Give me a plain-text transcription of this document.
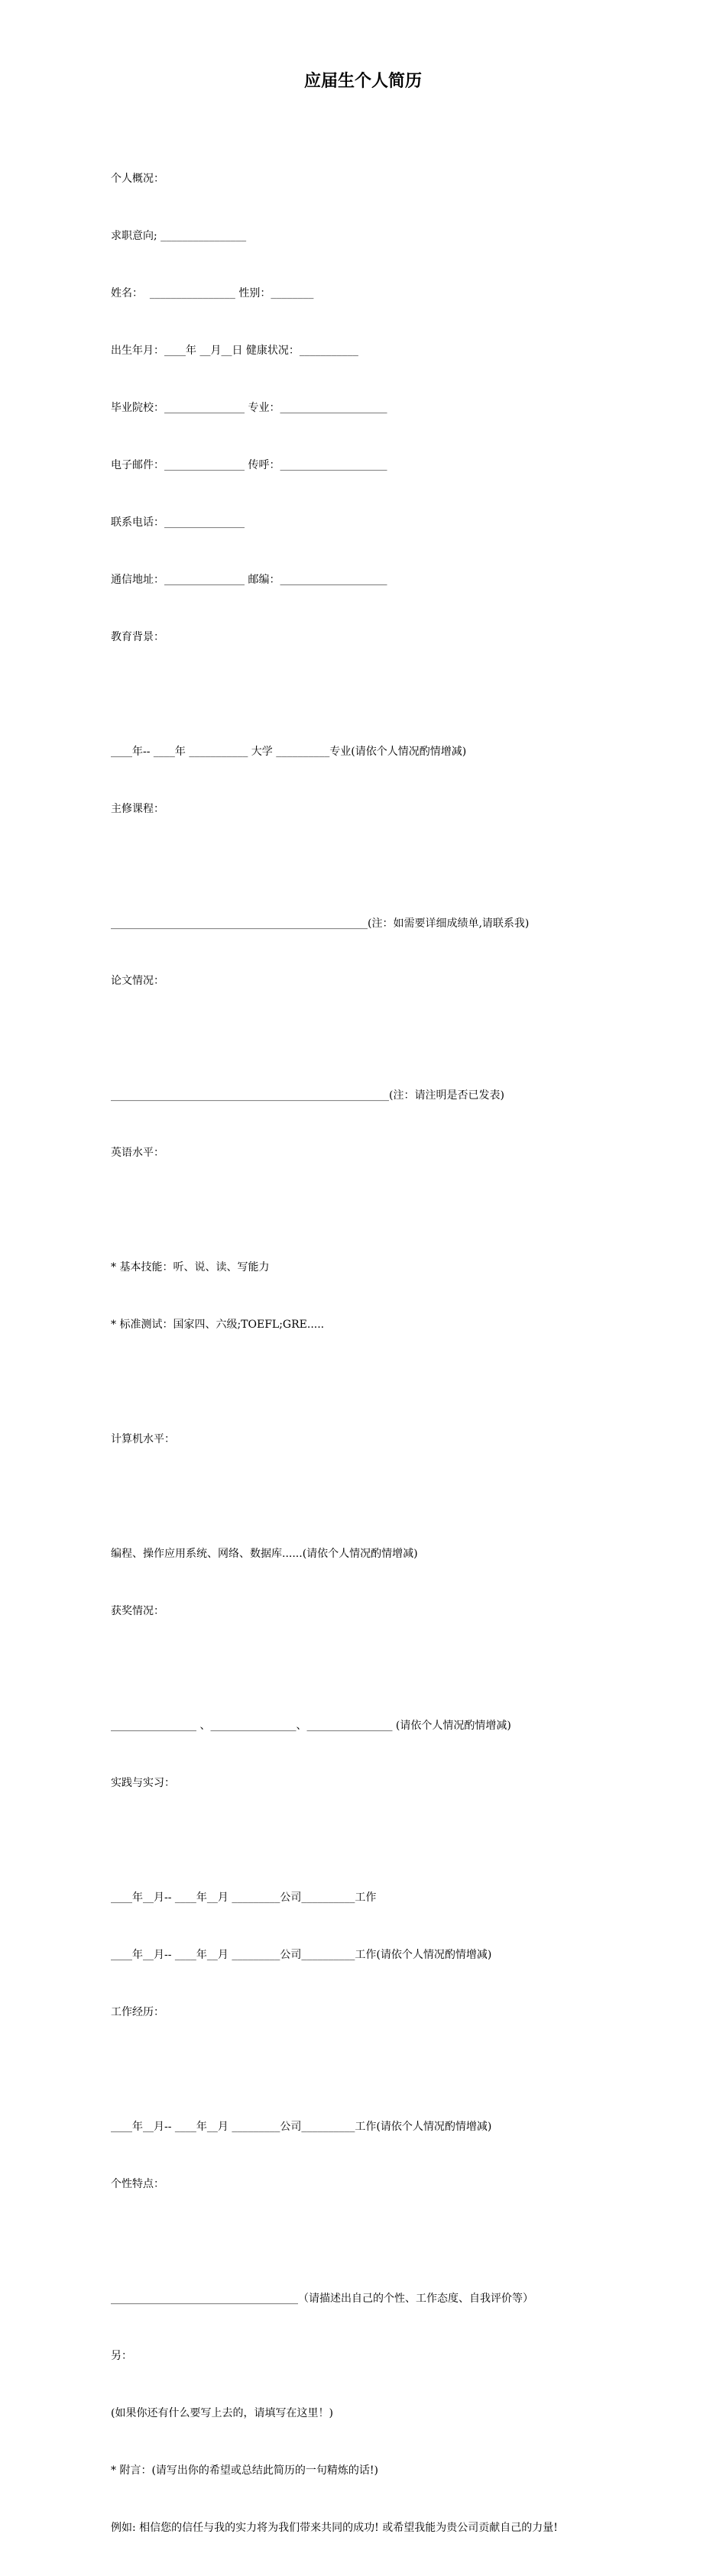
应届生个人简历

个人概况：

求职意向; ________________

姓名：  ________________ 性别：________

出生年月：____年 __月__日 健康状况：___________

毕业院校：_______________ 专业：____________________

电子邮件：_______________ 传呼：____________________

联系电话：_______________

通信地址：_______________ 邮编：____________________

教育背景：

____年-- ____年 ___________ 大学 __________专业(请依个人情况酌情增减)

主修课程：

________________________________________________(注：如需要详细成绩单,请联系我)

论文情况：

____________________________________________________(注：请注明是否已发表)

英语水平：

* 基本技能：听、说、读、写能力

* 标准测试：国家四、六级;TOEFL;GRE.....

计算机水平：

编程、操作应用系统、网络、数据库......(请依个人情况酌情增减)

获奖情况：

________________ 、________________、________________ (请依个人情况酌情增减)

实践与实习：

____年__月-- ____年__月 _________公司__________工作

____年__月-- ____年__月 _________公司__________工作(请依个人情况酌情增减)

工作经历：

____年__月-- ____年__月 _________公司__________工作(请依个人情况酌情增减)

个性特点：

___________________________________（请描述出自己的个性、工作态度、自我评价等）

另：

(如果你还有什么要写上去的，请填写在这里！)

* 附言：(请写出你的希望或总结此简历的一句精炼的话!)

例如: 相信您的信任与我的实力将为我们带来共同的成功! 或希望我能为贵公司贡献自己的力量!
